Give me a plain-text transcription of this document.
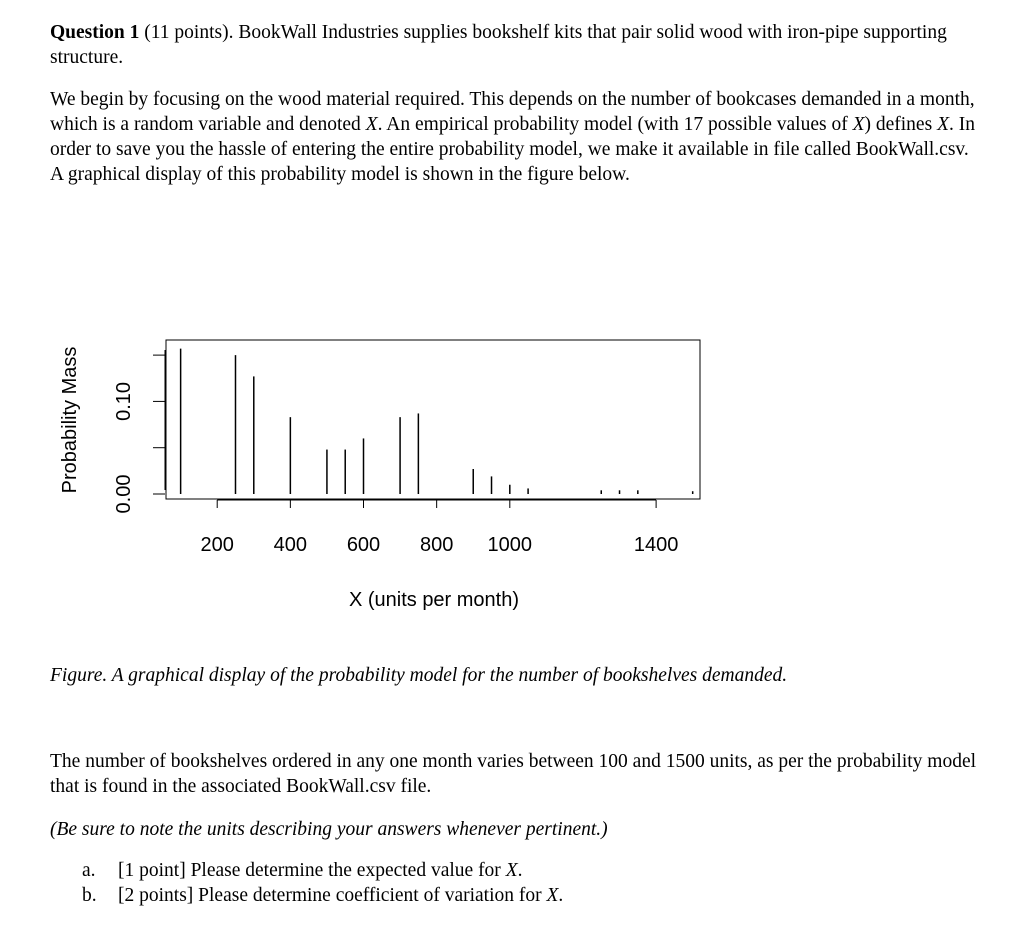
Question 1 (11 points). BookWall Industries supplies bookshelf kits that pair solid wood with iron-pipe supporting structure.

We begin by focusing on the wood material required. This depends on the number of bookcases demanded in a month, which is a random variable and denoted X. An empirical probability model (with 17 possible values of X) defines X. In order to save you the hassle of entering the entire probability model, we make it available in file called BookWall.csv. A graphical display of this probability model is shown in the figure below.

0.00
0.10
200 400 600 800 1000	1400
Probability Mass
X (units per month)

Figure. A graphical display of the probability model for the number of bookshelves demanded.

The number of bookshelves ordered in any one month varies between 100 and 1500 units, as per the probability model that is found in the associated BookWall.csv file.

(Be sure to note the units describing your answers whenever pertinent.)

a. [1 point] Please determine the expected value for X.
b. [2 points] Please determine coefficient of variation for X.
